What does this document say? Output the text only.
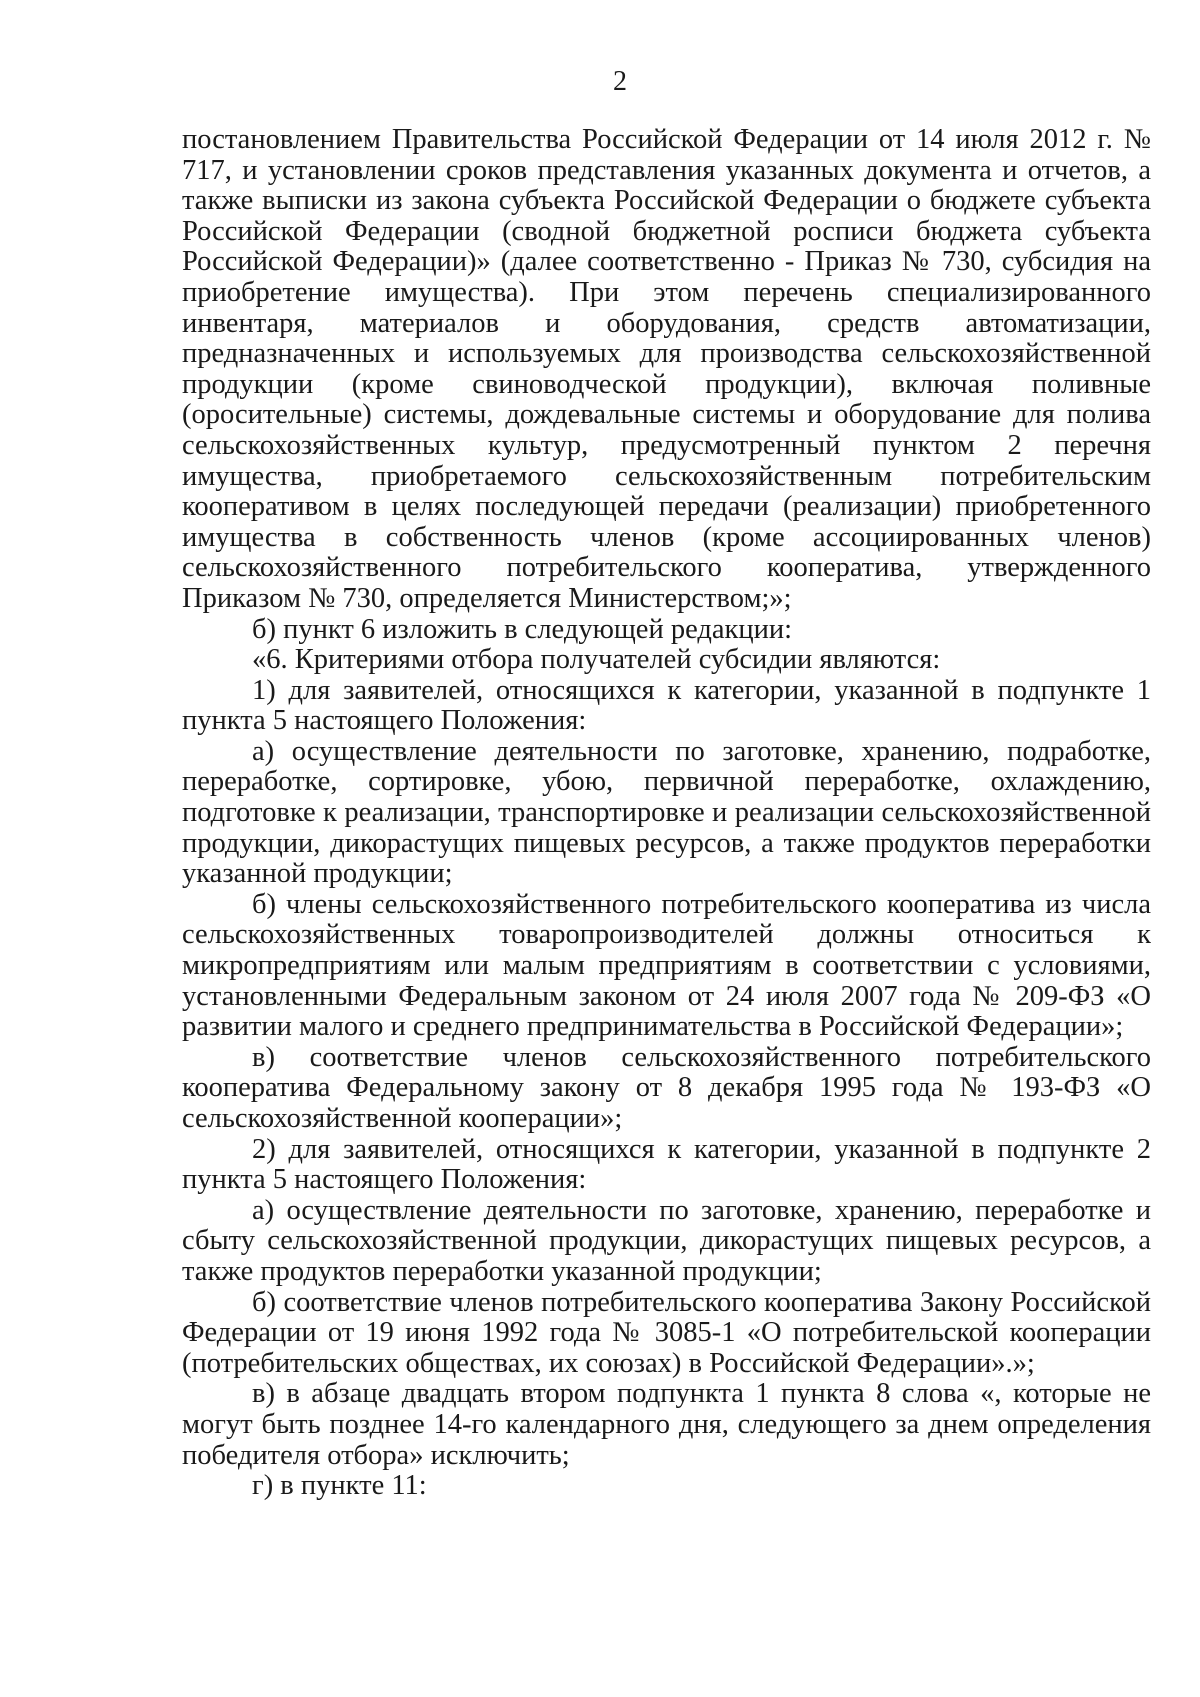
2

постановлением Правительства Российской Федерации от 14 июля 2012 г. № 717, и установлении сроков представления указанных документа и отчетов, а также выписки из закона субъекта Российской Федерации о бюджете субъекта Российской Федерации (сводной бюджетной росписи бюджета субъекта Российской Федерации)» (далее соответственно - Приказ № 730, субсидия на приобретение имущества). При этом перечень специализированного инвентаря, материалов и оборудования, средств автоматизации, предназначенных и используемых для производства сельскохозяйственной продукции (кроме свиноводческой продукции), включая поливные (оросительные) системы, дождевальные системы и оборудование для полива сельскохозяйственных культур, предусмотренный пунктом 2 перечня имущества, приобретаемого сельскохозяйственным потребительским кооперативом в целях последующей передачи (реализации) приобретенного имущества в собственность членов (кроме ассоциированных членов) сельскохозяйственного потребительского кооператива, утвержденного Приказом № 730, определяется Министерством;»;

б) пункт 6 изложить в следующей редакции:

«6. Критериями отбора получателей субсидии являются:

1) для заявителей, относящихся к категории, указанной в подпункте 1 пункта 5 настоящего Положения:

а) осуществление деятельности по заготовке, хранению, подработке, переработке, сортировке, убою, первичной переработке, охлаждению, подготовке к реализации, транспортировке и реализации сельскохозяйственной продукции, дикорастущих пищевых ресурсов, а также продуктов переработки указанной продукции;

б) члены сельскохозяйственного потребительского кооператива из числа сельскохозяйственных товаропроизводителей должны относиться к микропредприятиям или малым предприятиям в соответствии с условиями, установленными Федеральным законом от 24 июля 2007 года № 209-ФЗ «О развитии малого и среднего предпринимательства в Российской Федерации»;

в) соответствие членов сельскохозяйственного потребительского кооператива Федеральному закону от 8 декабря 1995 года № 193-ФЗ «О сельскохозяйственной кооперации»;

2) для заявителей, относящихся к категории, указанной в подпункте 2 пункта 5 настоящего Положения:

а) осуществление деятельности по заготовке, хранению, переработке и сбыту сельскохозяйственной продукции, дикорастущих пищевых ресурсов, а также продуктов переработки указанной продукции;

б) соответствие членов потребительского кооператива Закону Российской Федерации от 19 июня 1992 года № 3085-1 «О потребительской кооперации (потребительских обществах, их союзах) в Российской Федерации».»;

в) в абзаце двадцать втором подпункта 1 пункта 8 слова «, которые не могут быть позднее 14-го календарного дня, следующего за днем определения победителя отбора» исключить;

г) в пункте 11:
